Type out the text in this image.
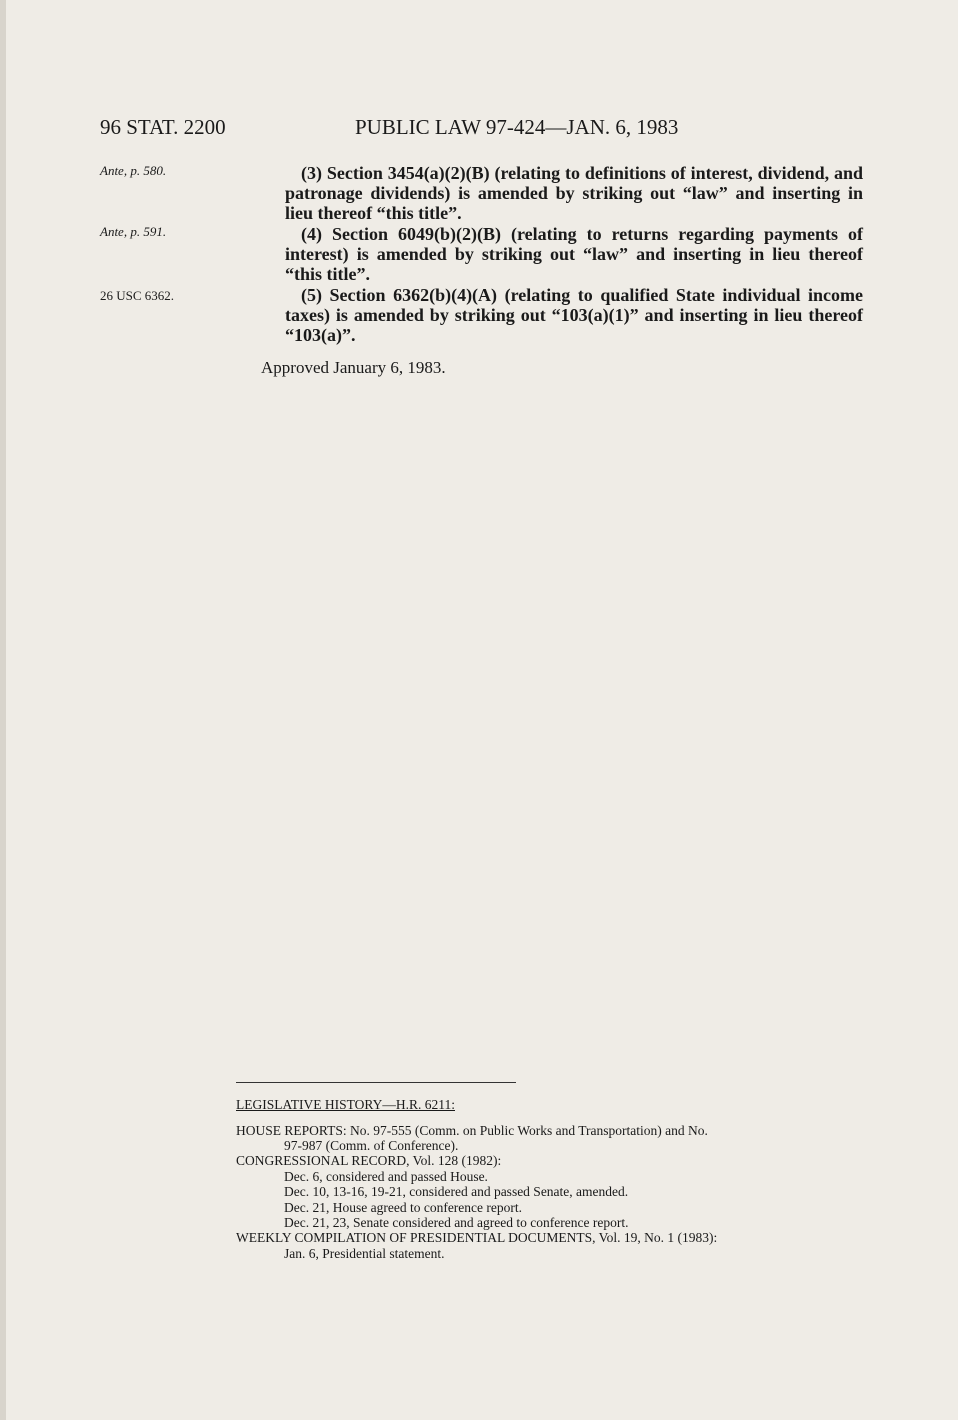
96 STAT. 2200	PUBLIC LAW 97-424—JAN. 6, 1983
Ante, p. 580.
Ante, p. 591.
26 USC 6362.

(3) Section 3454(a)(2)(B) (relating to definitions of interest, dividend, and patronage dividends) is amended by striking out “law” and inserting in lieu thereof “this title”.

(4) Section 6049(b)(2)(B) (relating to returns regarding payments of interest) is amended by striking out “law” and inserting in lieu thereof “this title”.

(5) Section 6362(b)(4)(A) (relating to qualified State individual income taxes) is amended by striking out “103(a)(1)” and inserting in lieu thereof “103(a)”.

Approved January 6, 1983.
LEGISLATIVE HISTORY—H.R. 6211:
HOUSE REPORTS: No. 97-555 (Comm. on Public Works and Transportation) and No.
97-987 (Comm. of Conference).
CONGRESSIONAL RECORD, Vol. 128 (1982):
Dec. 6, considered and passed House.
Dec. 10, 13-16, 19-21, considered and passed Senate, amended.
Dec. 21, House agreed to conference report.
Dec. 21, 23, Senate considered and agreed to conference report.
WEEKLY COMPILATION OF PRESIDENTIAL DOCUMENTS, Vol. 19, No. 1 (1983):
Jan. 6, Presidential statement.
